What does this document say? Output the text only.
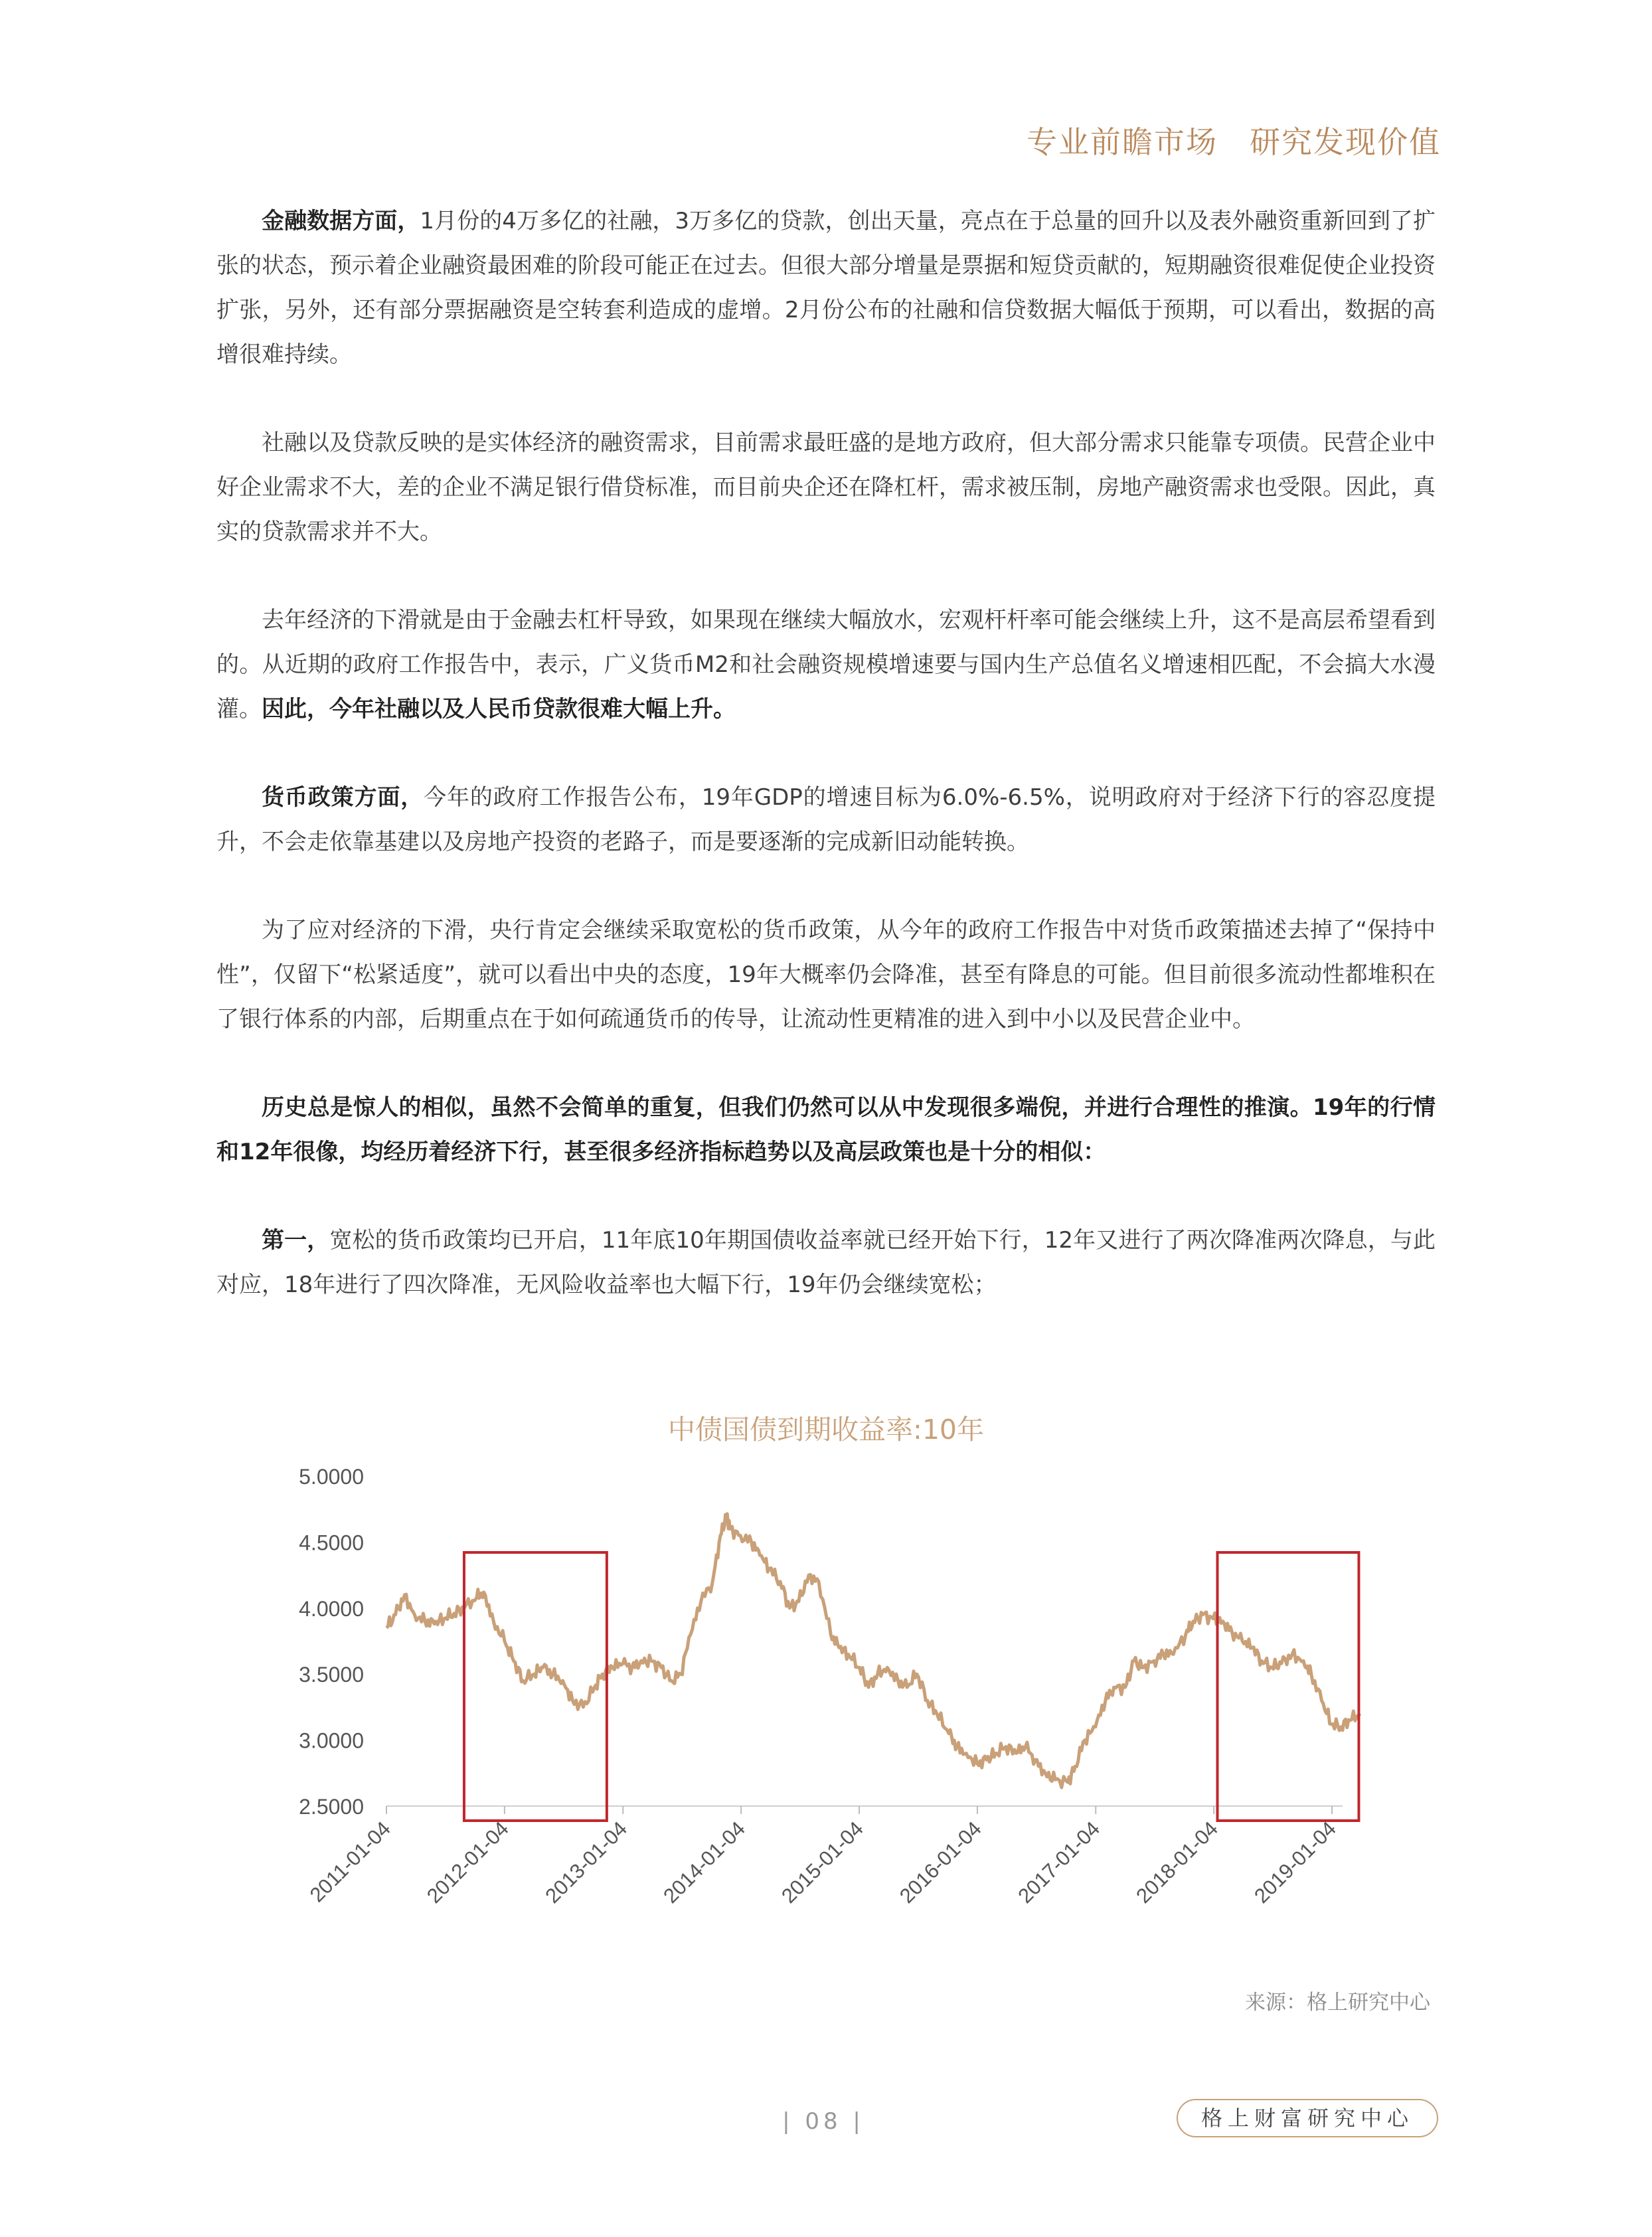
专业前瞻市场　研究发现价值

金融数据方面，1月份的4万多亿的社融，3万多亿的贷款，创出天量，亮点在于总量的回升以及表外融资重新回到了扩张的状态，预示着企业融资最困难的阶段可能正在过去。但很大部分增量是票据和短贷贡献的，短期融资很难促使企业投资扩张，另外，还有部分票据融资是空转套利造成的虚增。2月份公布的社融和信贷数据大幅低于预期，可以看出，数据的高增很难持续。

社融以及贷款反映的是实体经济的融资需求，目前需求最旺盛的是地方政府，但大部分需求只能靠专项债。民营企业中好企业需求不大，差的企业不满足银行借贷标准，而目前央企还在降杠杆，需求被压制，房地产融资需求也受限。因此，真实的贷款需求并不大。

去年经济的下滑就是由于金融去杠杆导致，如果现在继续大幅放水，宏观杆杆率可能会继续上升，这不是高层希望看到的。从近期的政府工作报告中，表示，广义货币M2和社会融资规模增速要与国内生产总值名义增速相匹配，不会搞大水漫灌。因此，今年社融以及人民币贷款很难大幅上升。

货币政策方面，今年的政府工作报告公布，19年GDP的增速目标为6.0%-6.5%，说明政府对于经济下行的容忍度提升，不会走依靠基建以及房地产投资的老路子，而是要逐渐的完成新旧动能转换。

为了应对经济的下滑，央行肯定会继续采取宽松的货币政策，从今年的政府工作报告中对货币政策描述去掉了“保持中性”，仅留下“松紧适度”，就可以看出中央的态度，19年大概率仍会降准，甚至有降息的可能。但目前很多流动性都堆积在了银行体系的内部，后期重点在于如何疏通货币的传导，让流动性更精准的进入到中小以及民营企业中。

历史总是惊人的相似，虽然不会简单的重复，但我们仍然可以从中发现很多端倪，并进行合理性的推演。19年的行情和12年很像，均经历着经济下行，甚至很多经济指标趋势以及高层政策也是十分的相似：

第一，宽松的货币政策均已开启，11年底10年期国债收益率就已经开始下行，12年又进行了两次降准两次降息，与此对应，18年进行了四次降准，无风险收益率也大幅下行，19年仍会继续宽松；

中债国债到期收益率:10年
2.5000
3.0000
3.5000
4.0000
4.5000
5.0000
2011-01-04 2012-01-04 2013-01-04 2014-01-04 2015-01-04 2016-01-04 2017-01-04 2018-01-04 2019-01-04
来源：格上研究中心
| 08 |	格上财富研究中心
